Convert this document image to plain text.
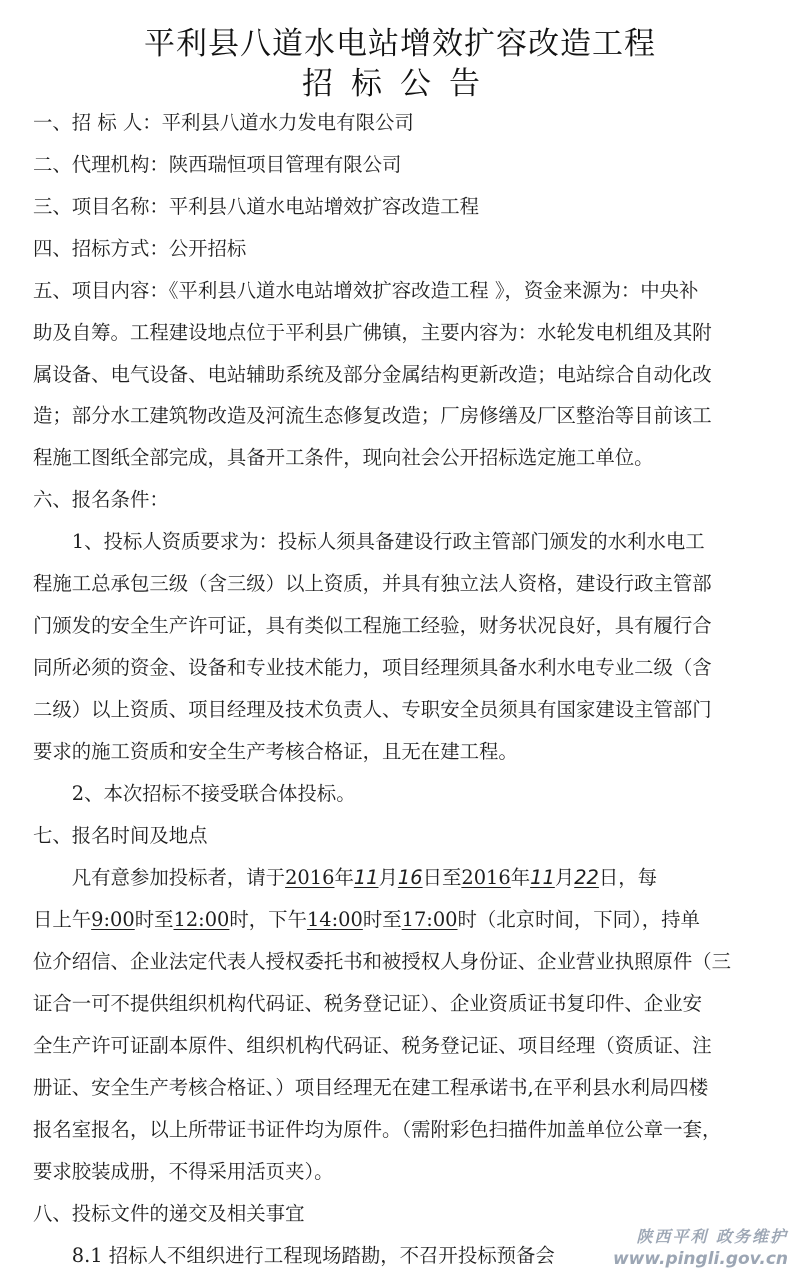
平利县八道水电站增效扩容改造工程
招标公告
一、招 标 人：平利县八道水力发电有限公司
二、代理机构：陕西瑞恒项目管理有限公司
三、项目名称：平利县八道水电站增效扩容改造工程
四、招标方式：公开招标
五、项目内容：《平利县八道水电站增效扩容改造工程 》，资金来源为：中央补
助及自筹。工程建设地点位于平利县广佛镇，主要内容为：水轮发电机组及其附
属设备、电气设备、电站辅助系统及部分金属结构更新改造；电站综合自动化改
造；部分水工建筑物改造及河流生态修复改造；厂房修缮及厂区整治等目前该工
程施工图纸全部完成，具备开工条件，现向社会公开招标选定施工单位。
六、报名条件：
　　1、投标人资质要求为：投标人须具备建设行政主管部门颁发的水利水电工
程施工总承包三级（含三级）以上资质，并具有独立法人资格，建设行政主管部
门颁发的安全生产许可证，具有类似工程施工经验，财务状况良好，具有履行合
同所必须的资金、设备和专业技术能力，项目经理须具备水利水电专业二级（含
二级）以上资质、项目经理及技术负责人、专职安全员须具有国家建设主管部门
要求的施工资质和安全生产考核合格证，且无在建工程。
　　2、本次招标不接受联合体投标。
七、报名时间及地点
　　凡有意参加投标者，请于2016年11月16日至2016年11月22日，每
日上午9:00时至12:00时，下午14:00时至17:00时（北京时间，下同），持单
位介绍信、企业法定代表人授权委托书和被授权人身份证、企业营业执照原件（三
证合一可不提供组织机构代码证、税务登记证）、企业资质证书复印件、企业安
全生产许可证副本原件、组织机构代码证、税务登记证、项目经理（资质证、注
册证、安全生产考核合格证、）项目经理无在建工程承诺书,在平利县水利局四楼
报名室报名，以上所带证书证件均为原件。（需附彩色扫描件加盖单位公章一套，
要求胶装成册，不得采用活页夹）。
八、投标文件的递交及相关事宜
　　8.1 招标人不组织进行工程现场踏勘，不召开投标预备会
陕西平利 政务维护
www.pingli.gov.cn
